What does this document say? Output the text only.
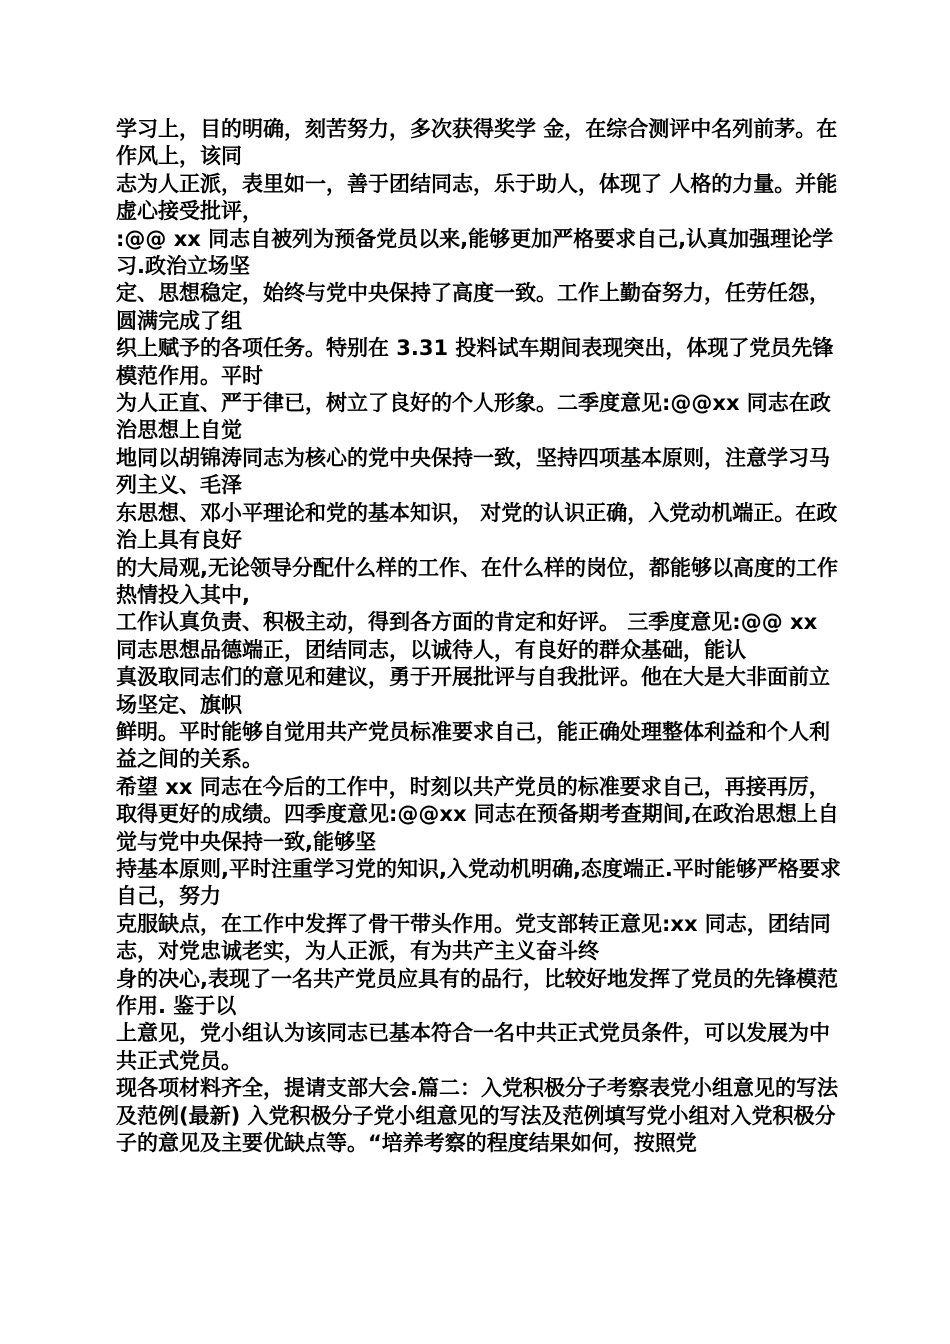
学习上，目的明确，刻苦努力，多次获得奖学 金，在综合测评中名列前茅。在作风上，该同

志为人正派，表里如一，善于团结同志，乐于助人，体现了 人格的力量。并能虚心接受批评，

:@@ xx 同志自被列为预备党员以来,能够更加严格要求自己,认真加强理论学习.政治立场坚

定、思想稳定，始终与党中央保持了高度一致。工作上勤奋努力，任劳任怨，圆满完成了组

织上赋予的各项任务。特别在 3.31 投料试车期间表现突出，体现了党员先锋模范作用。平时

为人正直、严于律已，树立了良好的个人形象。二季度意见:@@xx 同志在政治思想上自觉

地同以胡锦涛同志为核心的党中央保持一致，坚持四项基本原则，注意学习马列主义、毛泽

东思想、邓小平理论和党的基本知识， 对党的认识正确，入党动机端正。在政治上具有良好

的大局观,无论领导分配什么样的工作、在什么样的岗位，都能够以高度的工作热情投入其中,

工作认真负责、积极主动，得到各方面的肯定和好评。 三季度意见:@@ xx 同志思想品德端正，团结同志，以诚待人，有良好的群众基础，能认

真汲取同志们的意见和建议，勇于开展批评与自我批评。他在大是大非面前立场坚定、旗帜

鲜明。平时能够自觉用共产党员标准要求自己，能正确处理整体利益和个人利益之间的关系。

希望 xx 同志在今后的工作中，时刻以共产党员的标准要求自己，再接再厉，取得更好的成绩。四季度意见:@@xx 同志在预备期考查期间,在政治思想上自觉与党中央保持一致,能够坚

持基本原则,平时注重学习党的知识,入党动机明确,态度端正.平时能够严格要求自己，努力

克服缺点，在工作中发挥了骨干带头作用。党支部转正意见:xx 同志，团结同志，对党忠诚老实，为人正派，有为共产主义奋斗终

身的决心,表现了一名共产党员应具有的品行，比较好地发挥了党员的先锋模范作用. 鉴于以

上意见，党小组认为该同志已基本符合一名中共正式党员条件，可以发展为中共正式党员。

现各项材料齐全，提请支部大会.篇二：入党积极分子考察表党小组意见的写法及范例(最新) 入党积极分子党小组意见的写法及范例填写党小组对入党积极分子的意见及主要优缺点等。“培养考察的程度结果如何，按照党
